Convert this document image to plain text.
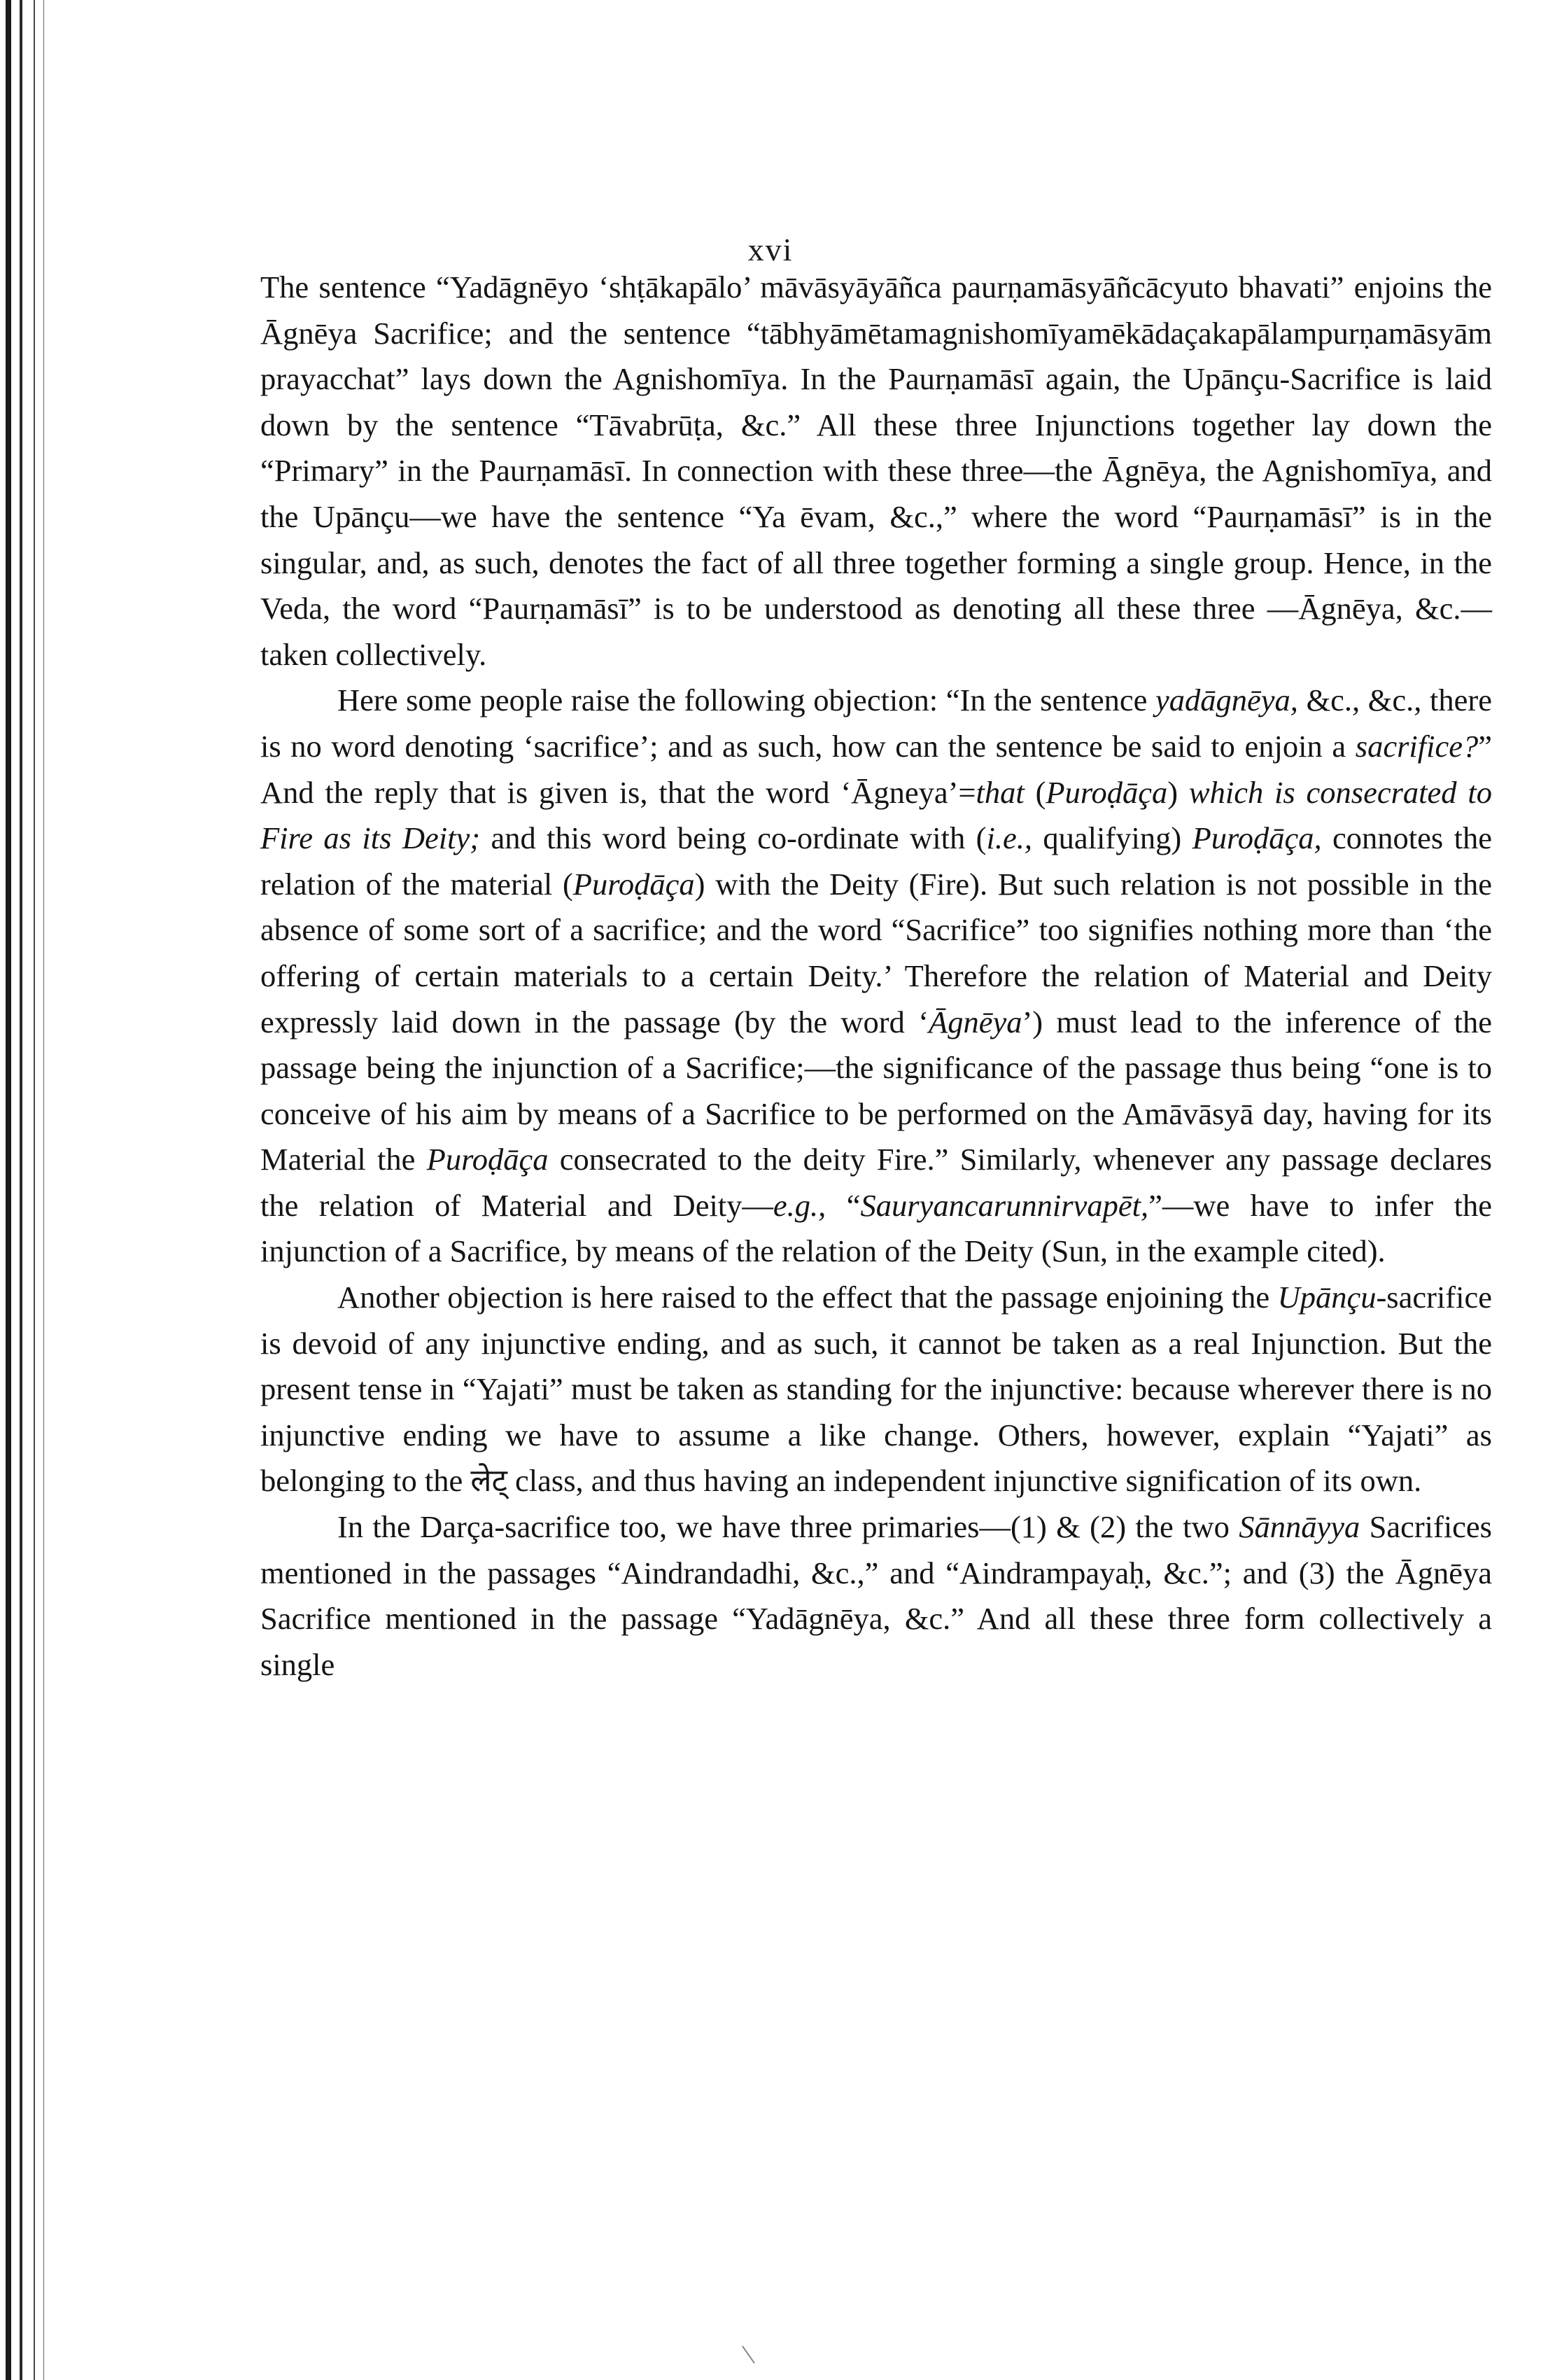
xvi

The sentence “Yadāgnēyo ‘shṭākapālo’ māvāsyāyāñca paurṇamāsyāñcācyuto bhavati” enjoins the Āgnēya Sacrifice; and the sentence “tābhyāmētamagnishomīyamēkādaçakapālampurṇamāsyām prayacchat” lays down the Agnishomīya. In the Paurṇamāsī again, the Upānçu-Sacrifice is laid down by the sentence “Tāvabrūṭa, &c.” All these three Injunctions together lay down the “Primary” in the Paurṇamāsī. In connection with these three—the Āgnēya, the Agnishomīya, and the Upānçu—we have the sentence “Ya ēvam, &c.,” where the word “Paurṇamāsī” is in the singular, and, as such, denotes the fact of all three together forming a single group. Hence, in the Veda, the word “Paurṇamāsī” is to be understood as denoting all these three —Āgnēya, &c.—taken collectively.

Here some people raise the following objection: “In the sentence yadāgnēya, &c., &c., there is no word denoting ‘sacrifice’; and as such, how can the sentence be said to enjoin a sacrifice?” And the reply that is given is, that the word ‘Āgneya’=that (Puroḍāça) which is consecrated to Fire as its Deity; and this word being co-ordinate with (i.e., qualifying) Puroḍāça, connotes the relation of the material (Puroḍāça) with the Deity (Fire). But such relation is not possible in the absence of some sort of a sacrifice; and the word “Sacrifice” too signifies nothing more than ‘the offering of certain materials to a certain Deity.’ Therefore the relation of Material and Deity expressly laid down in the passage (by the word ‘Āgnēya’) must lead to the inference of the passage being the injunction of a Sacrifice;—the significance of the passage thus being “one is to conceive of his aim by means of a Sacrifice to be performed on the Amāvāsyā day, having for its Material the Puroḍāça consecrated to the deity Fire.” Similarly, whenever any passage declares the relation of Material and Deity—e.g., “Sauryancarunnirvapēt,”—we have to infer the injunction of a Sacrifice, by means of the relation of the Deity (Sun, in the example cited).

Another objection is here raised to the effect that the passage enjoining the Upānçu-sacrifice is devoid of any injunctive ending, and as such, it cannot be taken as a real Injunction. But the present tense in “Yajati” must be taken as standing for the injunctive: because wherever there is no injunctive ending we have to assume a like change. Others, however, explain “Yajati” as belonging to the लेट् class, and thus having an independent injunctive signification of its own.

In the Darça-sacrifice too, we have three primaries—(1) & (2) the two Sānnāyya Sacrifices mentioned in the passages “Aindrandadhi, &c.,” and “Aindrampayaḥ, &c.”; and (3) the Āgnēya Sacrifice mentioned in the passage “Yadāgnēya, &c.” And all these three form collectively a single
